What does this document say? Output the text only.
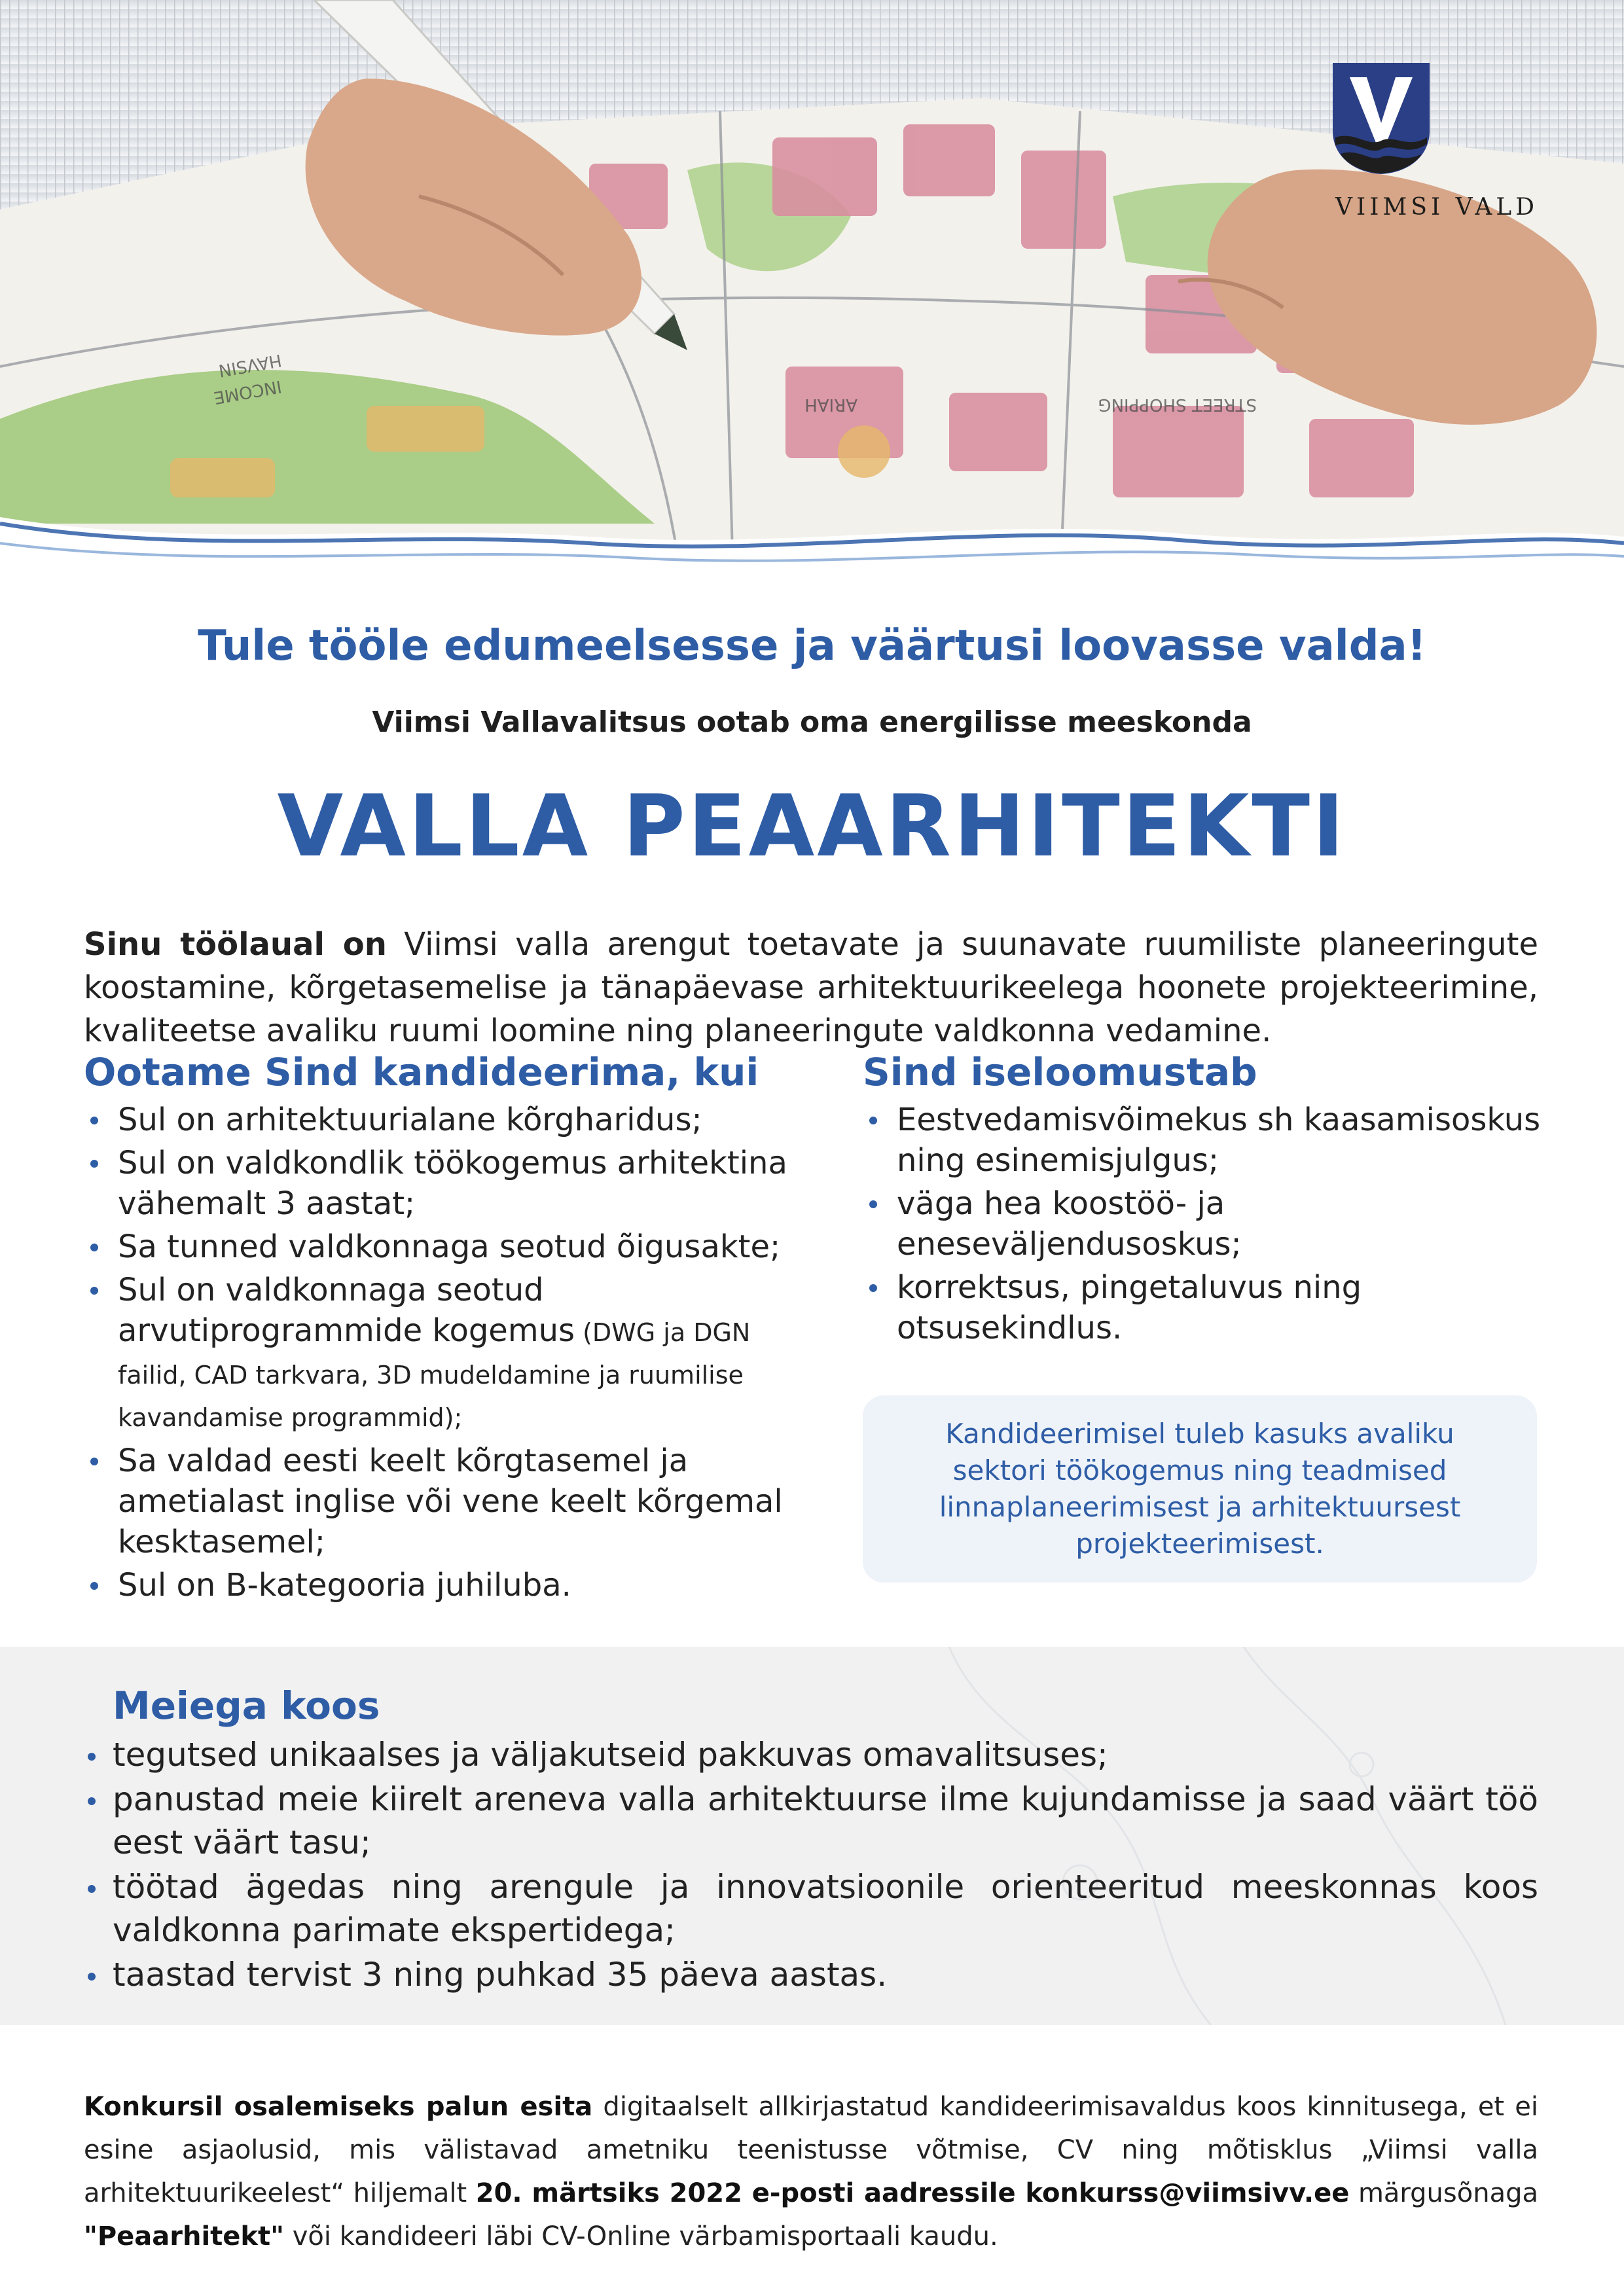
ARIAH	STREET SHOPPING
HAVSIN
INCOME
VIIMSI VALD
Tule tööle edumeelsesse ja väärtusi loovasse valda!
Viimsi Vallavalitsus ootab oma energilisse meeskonda
VALLA PEAARHITEKTI

Sinu töölaual on Viimsi valla arengut toetavate ja suunavate ruumiliste planeeringute koostamine, kõrgetasemelise ja tänapäevase arhitektuurikeelega hoonete projekteerimine, kvaliteetse avaliku ruumi loomine ning planeeringute valdkonna vedamine.

Ootame Sind kandideerima, kui
Sul on arhitektuurialane kõrgharidus;
Sul on valdkondlik töökogemus arhitektina vähemalt 3 aastat;
Sa tunned valdkonnaga seotud õigusakte;
Sul on valdkonnaga seotud arvutiprogrammide kogemus (DWG ja DGN failid, CAD tarkvara, 3D mudeldamine ja ruumilise kavandamise programmid);
Sa valdad eesti keelt kõrgtasemel ja ametialast inglise või vene keelt kõrgemal kesktasemel;
Sul on B-kategooria juhiluba.
Sind iseloomustab
Eestvedamisvõimekus sh kaasamisoskus ning esinemisjulgus;
väga hea koostöö- ja eneseväljendusoskus;
korrektsus, pingetaluvus ning otsusekindlus.
Kandideerimisel tuleb kasuks avaliku sektori töökogemus ning teadmised linnaplaneerimisest ja arhitektuursest projekteerimisest.
Meiega koos
tegutsed unikaalses ja väljakutseid pakkuvas omavalitsuses;
panustad meie kiirelt areneva valla arhitektuurse ilme kujundamisse ja saad väärt töö eest väärt tasu;
töötad ägedas ning arengule ja innovatsioonile orienteeritud meeskonnas koos valdkonna parimate ekspertidega;
taastad tervist 3 ning puhkad 35 päeva aastas.

Konkursil osalemiseks palun esita digitaalselt allkirjastatud kandideerimisavaldus koos kinnitusega, et ei esine asjaolusid, mis välistavad ametniku teenistusse võtmise, CV ning mõtisklus „Viimsi valla arhitektuurikeelest“ hiljemalt 20. märtsiks 2022 e-posti aadressile konkurss@viimsivv.ee märgusõnaga "Peaarhitekt" või kandideeri läbi CV-Online värbamisportaali kaudu.
